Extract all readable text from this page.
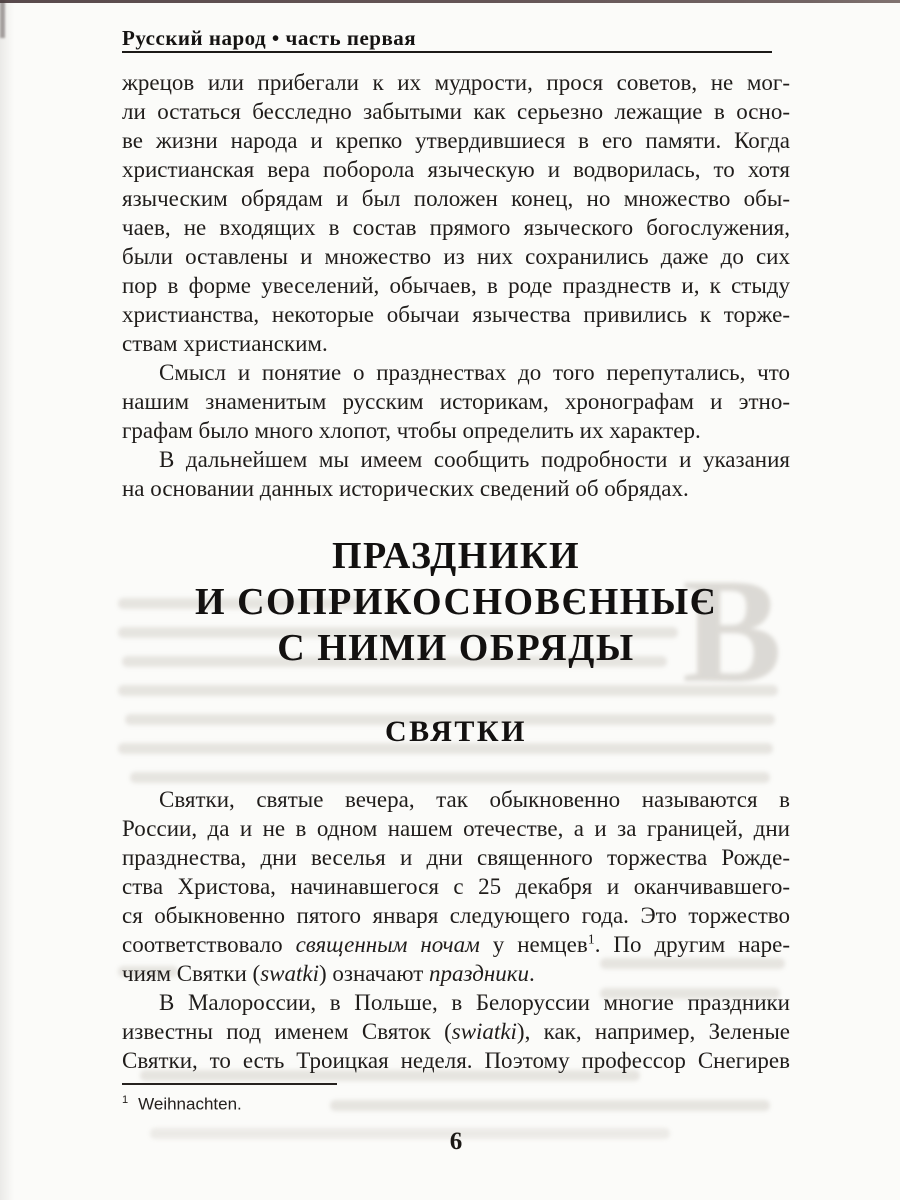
В
Русский народ • часть первая
жрецов или прибегали к их мудрости, прося советов, не мог-
ли остаться бесследно забытыми как серьезно лежащие в осно-
ве жизни народа и крепко утвердившиеся в его памяти. Когда
христианская вера поборола языческую и водворилась, то хотя
языческим обрядам и был положен конец, но множество обы-
чаев, не входящих в состав прямого языческого богослужения,
были оставлены и множество из них сохранились даже до сих
пор в форме увеселений, обычаев, в роде празднеств и, к стыду
христианства, некоторые обычаи язычества привились к торже-
ствам христианским.
Смысл и понятие о празднествах до того перепутались, что
нашим знаменитым русским историкам, хронографам и этно-
графам было много хлопот, чтобы определить их характер.
В дальнейшем мы имеем сообщить подробности и указания
на основании данных исторических сведений об обрядах.
ПРАЗДНИКИ
И СОПРИКОСНОВЄННЫЄ
С НИМИ ОБРЯДЫ
СВЯТКИ
Святки, святые вечера, так обыкновенно называются в
России, да и не в одном нашем отечестве, а и за границей, дни
празднества, дни веселья и дни священного торжества Рожде-
ства Христова, начинавшегося с 25 декабря и оканчивавшего-
ся обыкновенно пятого января следующего года. Это торжество
соответствовало священным ночам у немцев$^1$. По другим наре-
чиям Святки (swatki) означают праздники.
В Малороссии, в Польше, в Белоруссии многие праздники
известны под именем Святок (swiatki), как, например, Зеленые
Святки, то есть Троицкая неделя. Поэтому профессор Снегирев
$^1$ Weihnachten.
6
